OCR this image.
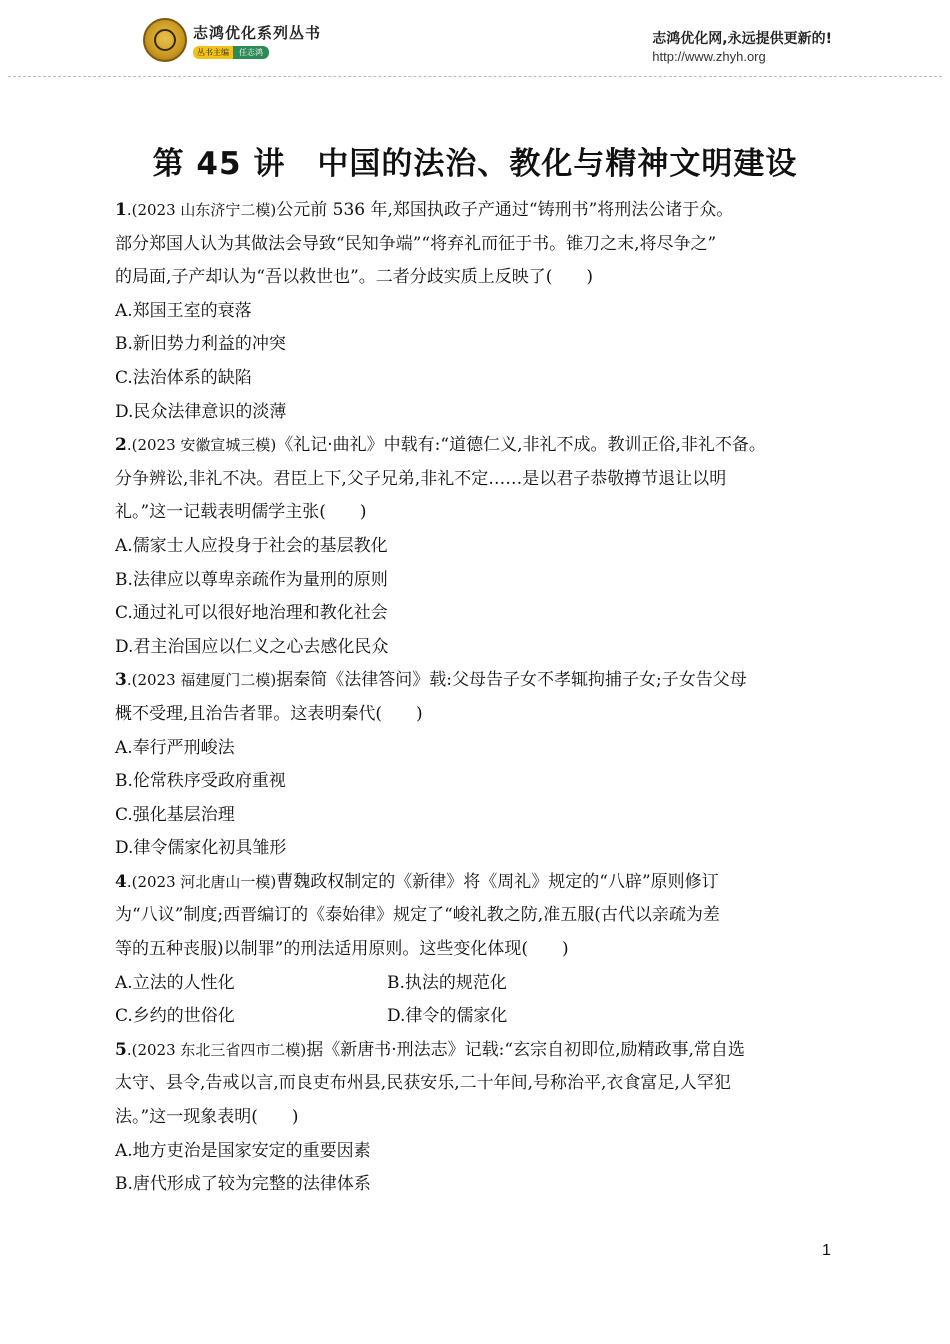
志鸿优化系列丛书
丛书主编	任志鸿
志鸿优化网,永远提供更新的!
http://www.zhyh.org
第 45 讲　中国的法治、教化与精神文明建设
1.(2023 山东济宁二模)公元前 536 年,郑国执政子产通过“铸刑书”将刑法公诸于众。
部分郑国人认为其做法会导致“民知争端”“将弃礼而征于书。锥刀之末,将尽争之”
的局面,子产却认为“吾以救世也”。二者分歧实质上反映了(　　)
A.郑国王室的衰落
B.新旧势力利益的冲突
C.法治体系的缺陷
D.民众法律意识的淡薄
2.(2023 安徽宣城三模)《礼记·曲礼》中载有:“道德仁义,非礼不成。教训正俗,非礼不备。
分争辨讼,非礼不决。君臣上下,父子兄弟,非礼不定……是以君子恭敬撙节退让以明
礼。”这一记载表明儒学主张(　　)
A.儒家士人应投身于社会的基层教化
B.法律应以尊卑亲疏作为量刑的原则
C.通过礼可以很好地治理和教化社会
D.君主治国应以仁义之心去感化民众
3.(2023 福建厦门二模)据秦简《法律答问》载:父母告子女不孝辄拘捕子女;子女告父母
概不受理,且治告者罪。这表明秦代(　　)
A.奉行严刑峻法
B.伦常秩序受政府重视
C.强化基层治理
D.律令儒家化初具雏形
4.(2023 河北唐山一模)曹魏政权制定的《新律》将《周礼》规定的“八辟”原则修订
为“八议”制度;西晋编订的《泰始律》规定了“峻礼教之防,准五服(古代以亲疏为差
等的五种丧服)以制罪”的刑法适用原则。这些变化体现(　　)
A.立法的人性化	B.执法的规范化
C.乡约的世俗化	D.律令的儒家化
5.(2023 东北三省四市二模)据《新唐书·刑法志》记载:“玄宗自初即位,励精政事,常自选
太守、县令,告戒以言,而良吏布州县,民获安乐,二十年间,号称治平,衣食富足,人罕犯
法。”这一现象表明(　　)
A.地方吏治是国家安定的重要因素
B.唐代形成了较为完整的法律体系
1
